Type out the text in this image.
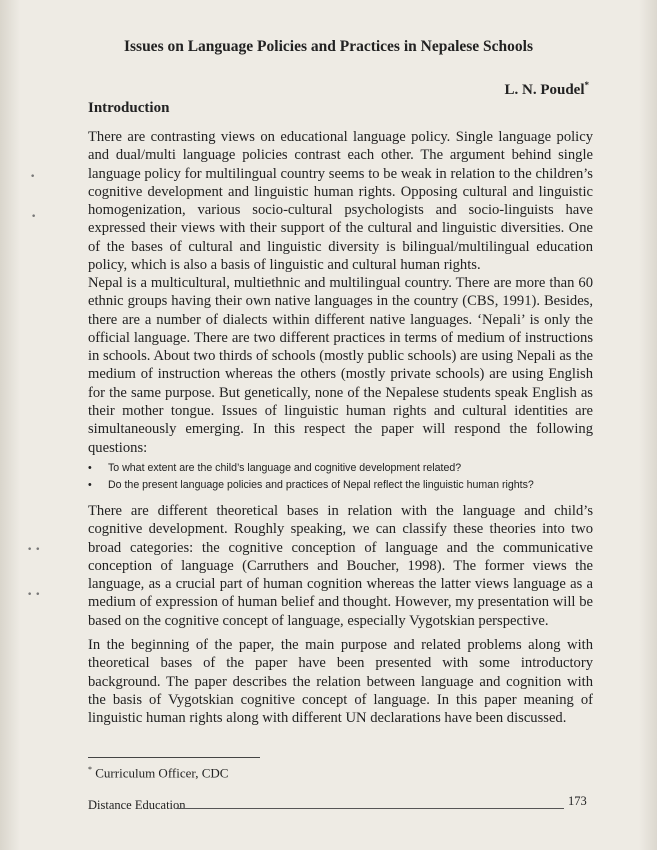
•
•
• •
• •
Issues on Language Policies and Practices in Nepalese Schools
L. N. Poudel*
Introduction

There are contrasting views on educational language policy. Single language policy and dual/multi language policies contrast each other. The argument behind single language policy for multilingual country seems to be weak in relation to the children’s cognitive development and linguistic human rights. Opposing cultural and linguistic homogenization, various socio-cultural psychologists and socio-linguists have expressed their views with their support of the cultural and linguistic diversities. One of the bases of cultural and linguistic diversity is bilingual/multilingual education policy, which is also a basis of linguistic and cultural human rights.

Nepal is a multicultural, multiethnic and multilingual country. There are more than 60 ethnic groups having their own native languages in the country (CBS, 1991). Besides, there are a number of dialects within different native languages. ‘Nepali’ is only the official language. There are two different practices in terms of medium of instructions in schools. About two thirds of schools (mostly public schools) are using Nepali as the medium of instruction whereas the others (mostly private schools) are using English for the same purpose. But genetically, none of the Nepalese students speak English as their mother tongue. Issues of linguistic human rights and cultural identities are simultaneously emerging. In this respect the paper will respond the following questions:

• To what extent are the child’s language and cognitive development related?
• Do the present language policies and practices of Nepal reflect the linguistic human rights?

There are different theoretical bases in relation with the language and child’s cognitive development. Roughly speaking, we can classify these theories into two broad categories: the cognitive conception of language and the communicative conception of language (Carruthers and Boucher, 1998). The former views the language, as a crucial part of human cognition whereas the latter views language as a medium of expression of human belief and thought. However, my presentation will be based on the cognitive concept of language, especially Vygotskian perspective.

In the beginning of the paper, the main purpose and related problems along with theoretical bases of the paper have been presented with some introductory background. The paper describes the relation between language and cognition with the basis of Vygotskian cognitive concept of language. In this paper meaning of linguistic human rights along with different UN declarations have been discussed.

* Curriculum Officer, CDC
Distance Education	173
